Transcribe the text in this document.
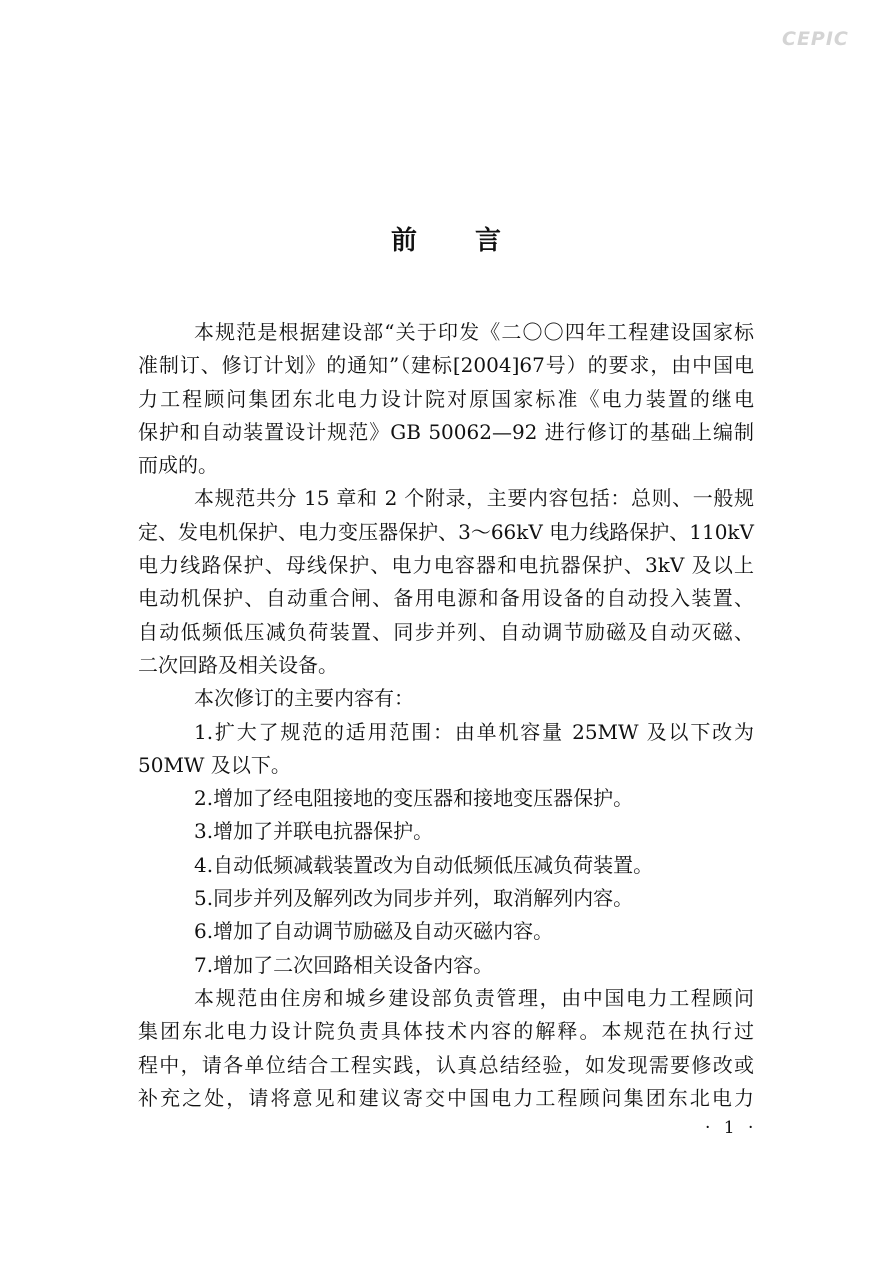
CEPIC
前 言
本规范是根据建设部“关于印发《二〇〇四年工程建设国家标
准制订、修订计划》的通知”（建标[2004]67号）的要求，由中国电
力工程顾问集团东北电力设计院对原国家标准《电力装置的继电
保护和自动装置设计规范》GB 50062—92 进行修订的基础上编制
而成的。
本规范共分 15 章和 2 个附录，主要内容包括：总则、一般规
定、发电机保护、电力变压器保护、3～66kV 电力线路保护、110kV
电力线路保护、母线保护、电力电容器和电抗器保护、3kV 及以上
电动机保护、自动重合闸、备用电源和备用设备的自动投入装置、
自动低频低压减负荷装置、同步并列、自动调节励磁及自动灭磁、
二次回路及相关设备。
本次修订的主要内容有：
1.扩大了规范的适用范围：由单机容量 25MW 及以下改为
50MW 及以下。
2.增加了经电阻接地的变压器和接地变压器保护。
3.增加了并联电抗器保护。
4.自动低频减载装置改为自动低频低压减负荷装置。
5.同步并列及解列改为同步并列，取消解列内容。
6.增加了自动调节励磁及自动灭磁内容。
7.增加了二次回路相关设备内容。
本规范由住房和城乡建设部负责管理，由中国电力工程顾问
集团东北电力设计院负责具体技术内容的解释。本规范在执行过
程中，请各单位结合工程实践，认真总结经验，如发现需要修改或
补充之处，请将意见和建议寄交中国电力工程顾问集团东北电力
· 1 ·
